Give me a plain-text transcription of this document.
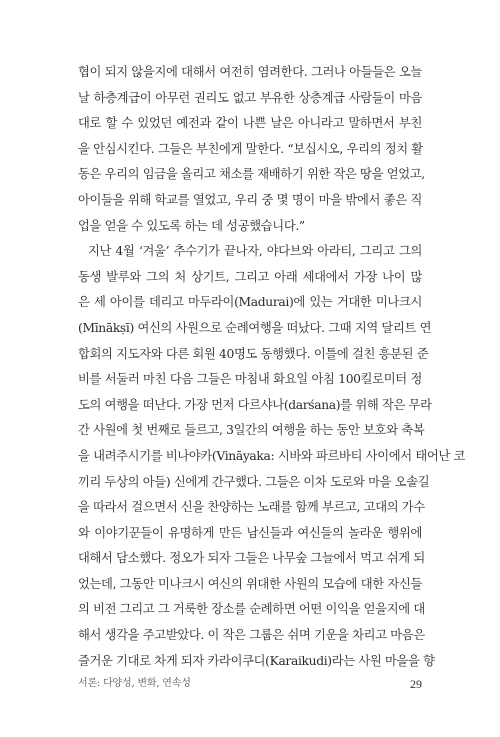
협이 되지 않을지에 대해서 여전히 염려한다. 그러나 아들들은 오늘
날 하층계급이 아무런 권리도 없고 부유한 상층계급 사람들이 마음
대로 할 수 있었던 예전과 같이 나쁜 날은 아니라고 말하면서 부친
을 안심시킨다. 그들은 부친에게 말한다. “보십시오, 우리의 정치 활
동은 우리의 임금을 올리고 채소를 재배하기 위한 작은 땅을 얻었고,
아이들을 위해 학교를 열었고, 우리 중 몇 명이 마을 밖에서 좋은 직
업을 얻을 수 있도록 하는 데 성공했습니다.”
지난 4월 ‘겨울’ 추수기가 끝나자, 야다브와 아라티, 그리고 그의
동생 발루와 그의 처 상기트, 그리고 아래 세대에서 가장 나이 많
은 세 아이를 데리고 마두라이(Madurai)에 있는 거대한 미나크시
(Mīnākṣī) 여신의 사원으로 순례여행을 떠났다. 그때 지역 달리트 연
합회의 지도자와 다른 회원 40명도 동행했다. 이틀에 걸친 흥분된 준
비를 서둘러 마친 다음 그들은 마침내 화요일 아침 100킬로미터 정
도의 여행을 떠난다. 가장 먼저 다르샤나(darśana)를 위해 작은 무라
간 사원에 첫 번째로 들르고, 3일간의 여행을 하는 동안 보호와 축복
을 내려주시기를 비나야카(Vināyaka: 시바와 파르바티 사이에서 태어난 코
끼리 두상의 아들) 신에게 간구했다. 그들은 이차 도로와 마을 오솔길
을 따라서 걸으면서 신을 찬양하는 노래를 함께 부르고, 고대의 가수
와 이야기꾼들이 유명하게 만든 남신들과 여신들의 놀라운 행위에
대해서 담소했다. 정오가 되자 그들은 나무숲 그늘에서 먹고 쉬게 되
었는데, 그동안 미나크시 여신의 위대한 사원의 모습에 대한 자신들
의 비전 그리고 그 거룩한 장소를 순례하면 어떤 이익을 얻을지에 대
해서 생각을 주고받았다. 이 작은 그룹은 쉬며 기운을 차리고 마음은
즐거운 기대로 차게 되자 카라이쿠디(Karaikudi)라는 사원 마을을 향
서론: 다양성, 변화, 연속성	29
